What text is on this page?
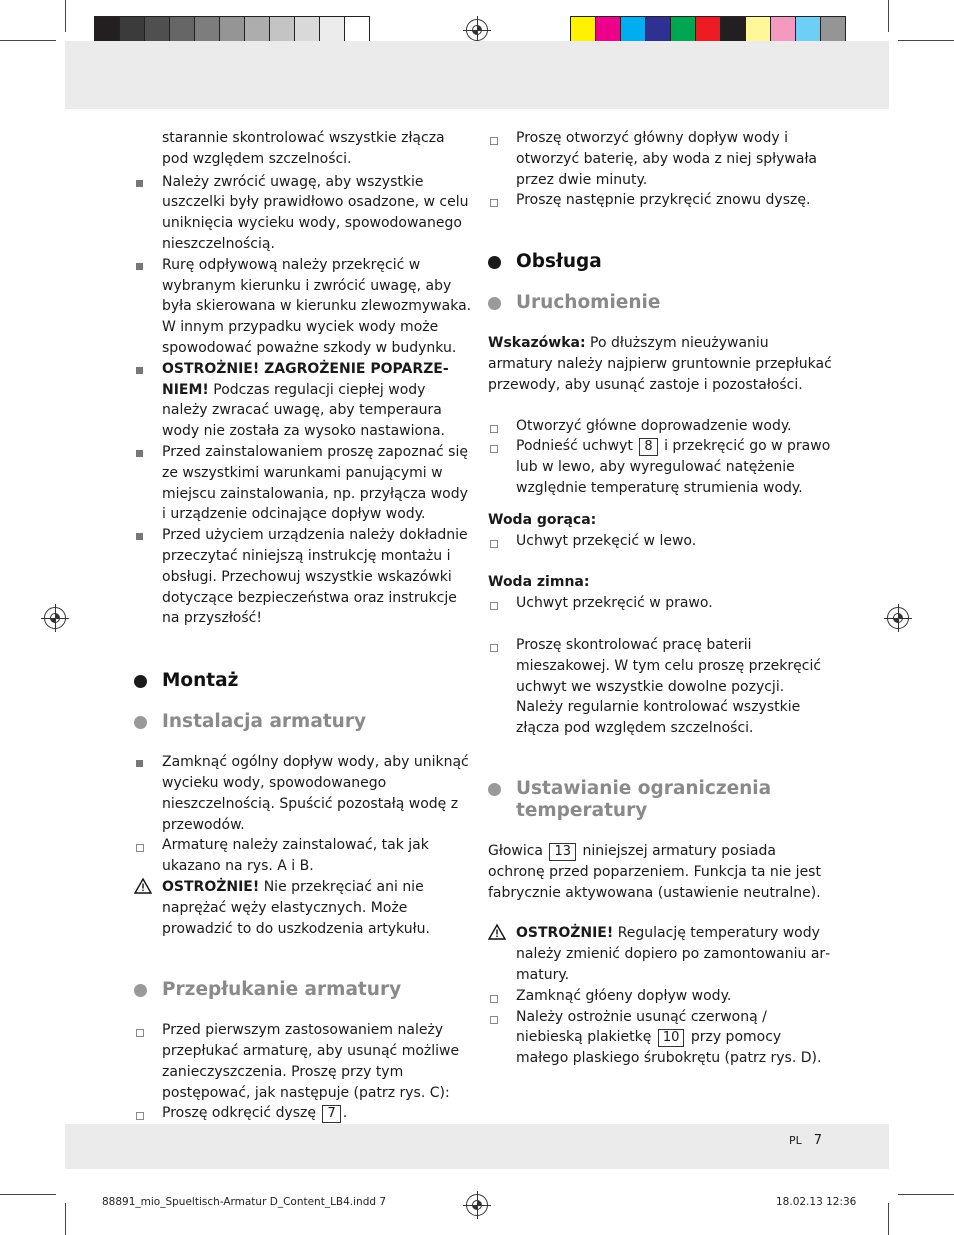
starannie skontrolować wszystkie złącza pod względem szczelności.
Należy zwrócić uwagę, aby wszystkie uszczelki były prawidłowo osadzone, w celu uniknięcia wycieku wody, spowodowanego nieszczelnością.
Rurę odpływową należy przekręcić w wybranym kierunku i zwrócić uwagę, aby była skierowana w kierunku zlewozmywaka. W innym przypadku wyciek wody może spowodować poważne szkody w budynku.
OSTROŻNIE! ZAGROŻENIE POPARZENIEM! Podczas regulacji ciepłej wody należy zwracać uwagę, aby temperaura wody nie została za wysoko nastawiona.
Przed zainstalowaniem proszę zapoznać się ze wszystkimi warunkami panującymi w miejscu zainstalowania, np. przyłącza wody i urządzenie odcinające dopływ wody.
Przed użyciem urządzenia należy dokładnie przeczytać niniejszą instrukcję montażu i obsługi. Przechowuj wszystkie wskazówki dotyczące bezpieczeństwa oraz instrukcje na przyszłość!
Montaż
Instalacja armatury
Zamknąć ogólny dopływ wody, aby uniknąć wycieku wody, spowodowanego nieszczelnością. Spuścić pozostałą wodę z przewodów.
Armaturę należy zainstalować, tak jak ukazano na rys. A i B.
OSTROŻNIE! Nie przekręciać ani nie naprężać węży elastycznych. Może prowadzić to do uszkodzenia artykułu.
Przepłukanie armatury
Przed pierwszym zastosowaniem należy przepłukać armaturę, aby usunąć możliwe zanieczyszczenia. Proszę przy tym postępować, jak następuje (patrz rys. C):
Proszę odkręcić dyszę 7 .
Proszę otworzyć główny dopływ wody i otworzyć baterię, aby woda z niej spływała przez dwie minuty.
Proszę następnie przykręcić znowu dyszę.
Obsługa
Uruchomienie
Wskazówka: Po dłuższym nieużywaniu armatury należy najpierw gruntownie przepłukać przewody, aby usunąć zastoje i pozostałości.
Otworzyć główne doprowadzenie wody.
Podnieść uchwyt 8 i przekręcić go w prawo lub w lewo, aby wyregulować natężenie względnie temperaturę strumienia wody.
Woda gorąca:
Uchwyt przekęcić w lewo.
Woda zimna:
Uchwyt przekręcić w prawo.
Proszę skontrolować pracę baterii mieszakowej. W tym celu proszę przekręcić uchwyt we wszystkie dowolne pozycji. Należy regularnie kontrolować wszystkie złącza pod względem szczelności.
Ustawianie ograniczenia temperatury
Głowica 13 niniejszej armatury posiada ochronę przed poparzeniem. Funkcja ta nie jest fabrycznie aktywowana (ustawienie neutralne).
OSTROŻNIE! Regulację temperatury wody należy zmienić dopiero po zamontowaniu armatury.
Zamknąć głóeny dopływ wody.
Należy ostrożnie usunąć czerwoną / niebieską plakietkę 10 przy pomocy małego plaskiego śrubokrętu (patrz rys. D).
PL 7
88891_mio_Spueltisch-Armatur D_Content_LB4.indd 7	18.02.13 12:36
